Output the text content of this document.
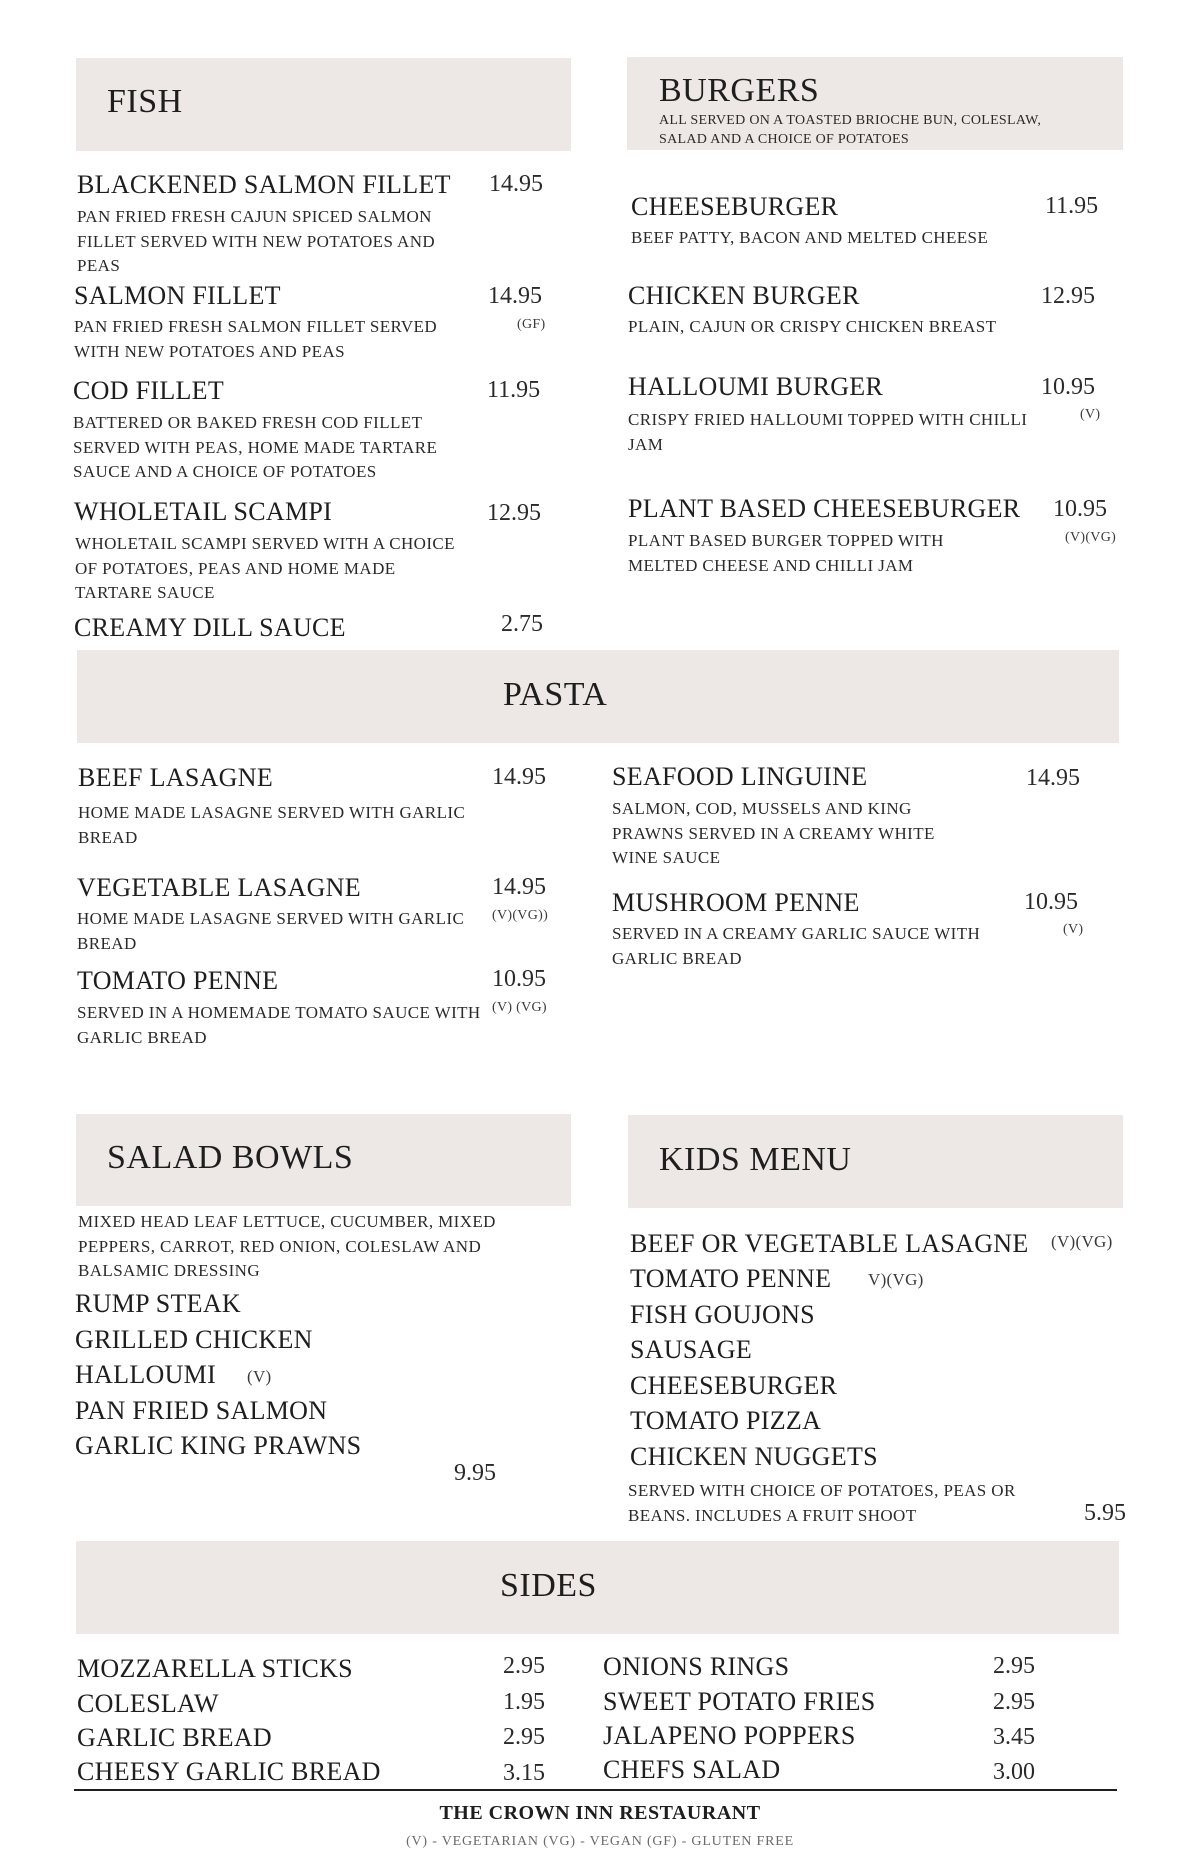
FISH
BLACKENED SALMON FILLET 14.95
PAN FRIED FRESH CAJUN SPICED SALMON FILLET SERVED WITH NEW POTATOES AND PEAS
SALMON FILLET	14.95
(GF)
PAN FRIED FRESH SALMON FILLET SERVED WITH NEW POTATOES AND PEAS
COD FILLET	11.95
BATTERED OR BAKED FRESH COD FILLET SERVED WITH PEAS, HOME MADE TARTARE SAUCE AND A CHOICE OF POTATOES
WHOLETAIL SCAMPI	12.95
WHOLETAIL SCAMPI SERVED WITH A CHOICE OF POTATOES, PEAS AND HOME MADE TARTARE SAUCE
CREAMY DILL SAUCE	2.75
BURGERS
ALL SERVED ON A TOASTED BRIOCHE BUN, COLESLAW, SALAD AND A CHOICE OF POTATOES
CHEESEBURGER	11.95
BEEF PATTY, BACON AND MELTED CHEESE
CHICKEN BURGER	12.95
PLAIN, CAJUN OR CRISPY CHICKEN BREAST
HALLOUMI BURGER	10.95
(V)
CRISPY FRIED HALLOUMI TOPPED WITH CHILLI JAM
PLANT BASED CHEESEBURGER 10.95
(V)(VG)
PLANT BASED BURGER TOPPED WITH MELTED CHEESE AND CHILLI JAM
PASTA
BEEF LASAGNE	14.95
HOME MADE LASAGNE SERVED WITH GARLIC BREAD
VEGETABLE LASAGNE	14.95
(V)(VG))
HOME MADE LASAGNE SERVED WITH GARLIC BREAD
TOMATO PENNE	10.95
(V) (VG)
SERVED IN A HOMEMADE TOMATO SAUCE WITH GARLIC BREAD
SEAFOOD LINGUINE	14.95
SALMON, COD, MUSSELS AND KING PRAWNS SERVED IN A CREAMY WHITE WINE SAUCE
MUSHROOM PENNE	10.95
(V)
SERVED IN A CREAMY GARLIC SAUCE WITH GARLIC BREAD
SALAD BOWLS
MIXED HEAD LEAF LETTUCE, CUCUMBER, MIXED PEPPERS, CARROT, RED ONION, COLESLAW AND BALSAMIC DRESSING
RUMP STEAK
GRILLED CHICKEN
HALLOUMI (V)
PAN FRIED SALMON
GARLIC KING PRAWNS
9.95
KIDS MENU
BEEF OR VEGETABLE LASAGNE (V)(VG)
TOMATO PENNE V)(VG)
FISH GOUJONS
SAUSAGE
CHEESEBURGER
TOMATO PIZZA
CHICKEN NUGGETS
SERVED WITH CHOICE OF POTATOES, PEAS OR BEANS. INCLUDES A FRUIT SHOOT	5.95
SIDES
MOZZARELLA STICKS	2.95
COLESLAW	1.95
GARLIC BREAD	2.95
CHEESY GARLIC BREAD	3.15
ONIONS RINGS	2.95
SWEET POTATO FRIES	2.95
JALAPENO POPPERS	3.45
CHEFS SALAD	3.00
THE CROWN INN RESTAURANT
(V) - VEGETARIAN (VG) - VEGAN (GF) - GLUTEN FREE
